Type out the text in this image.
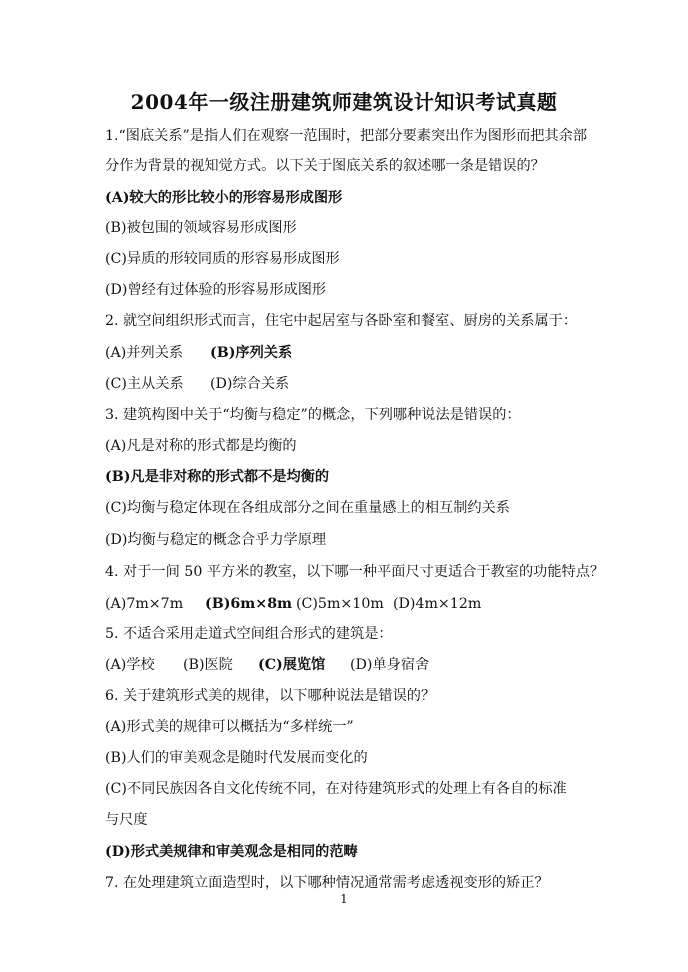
2004年一级注册建筑师建筑设计知识考试真题
1.“图底关系”是指人们在观察一范围时，把部分要素突出作为图形而把其余部
分作为背景的视知觉方式。以下关于图底关系的叙述哪一条是错误的？
(A)较大的形比较小的形容易形成图形
(B)被包围的领域容易形成图形
(C)异质的形较同质的形容易形成图形
(D)曾经有过体验的形容易形成图形
2. 就空间组织形式而言，住宅中起居室与各卧室和餐室、厨房的关系属于：
(A)并列关系 (B)序列关系
(C)主从关系 (D)综合关系
3. 建筑构图中关于“均衡与稳定”的概念，下列哪种说法是错误的：
(A)凡是对称的形式都是均衡的
(B)凡是非对称的形式都不是均衡的
(C)均衡与稳定体现在各组成部分之间在重量感上的相互制约关系
(D)均衡与稳定的概念合乎力学原理
4. 对于一间 50 平方米的教室，以下哪一种平面尺寸更适合于教室的功能特点？
(A)7m×7m (B)6m×8m (C)5m×10m (D)4m×12m
5. 不适合采用走道式空间组合形式的建筑是：
(A)学校 (B)医院 (C)展览馆 (D)单身宿舍
6. 关于建筑形式美的规律，以下哪种说法是错误的？
(A)形式美的规律可以概括为“多样统一”
(B)人们的审美观念是随时代发展而变化的
(C)不同民族因各自文化传统不同，在对待建筑形式的处理上有各自的标准
与尺度
(D)形式美规律和审美观念是相同的范畴
7. 在处理建筑立面造型时，以下哪种情况通常需考虑透视变形的矫正？
1
